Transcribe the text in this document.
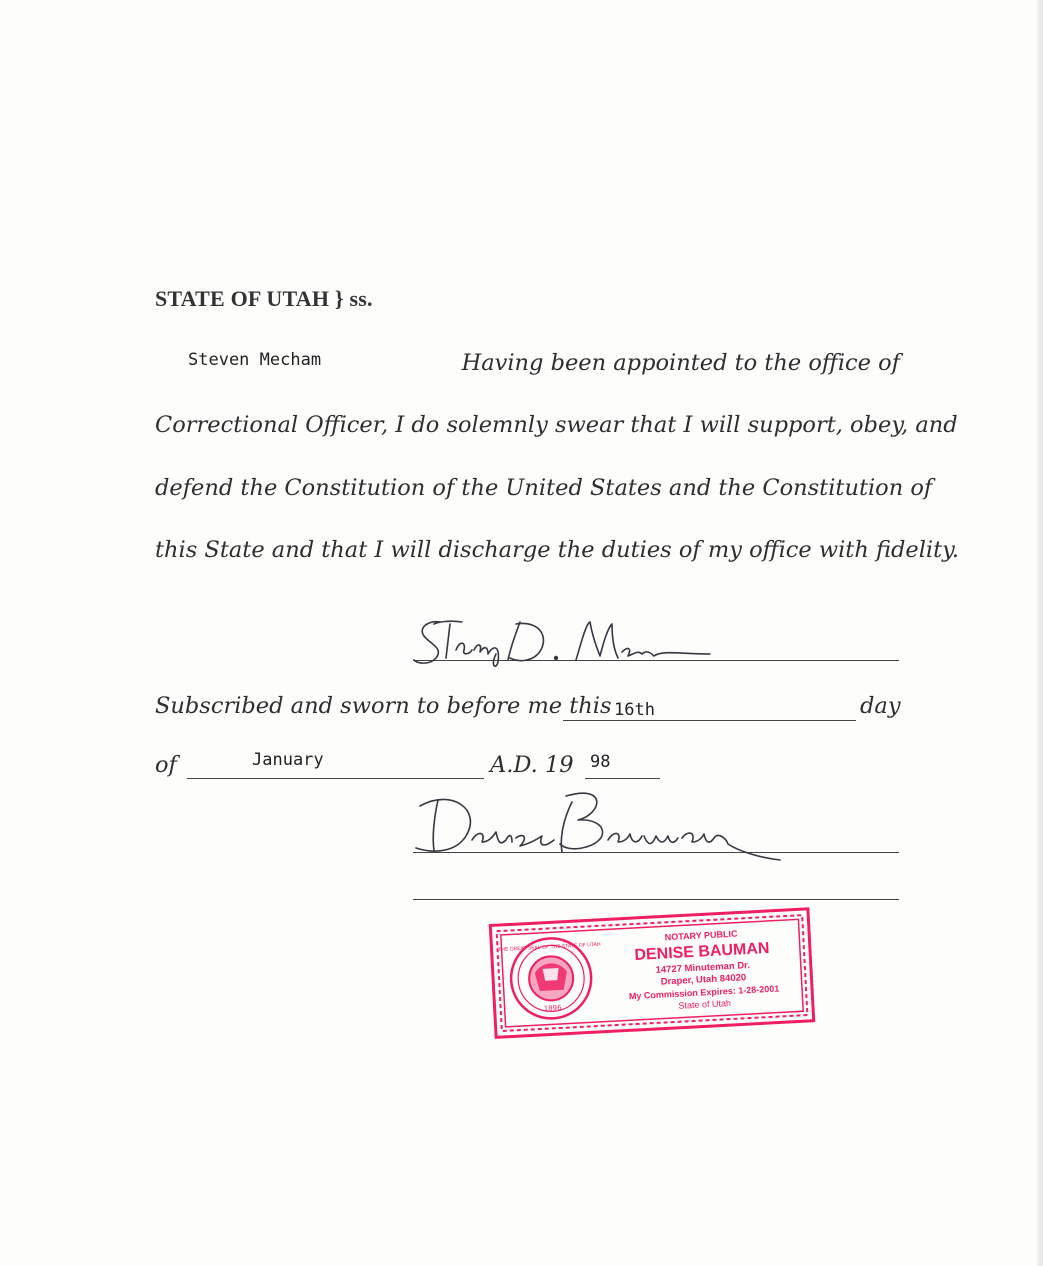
STATE OF UTAH } ss.
Steven Mecham	Having been appointed to the office of
Correctional Officer, I do solemnly swear that I will support, obey, and
defend the Constitution of the United States and the Constitution of
this State and that I will discharge the duties of my office with fidelity.
Subscribed and sworn to before me this 16th	day
of	January	A.D. 19 98
1896
THE GREAT SEAL OF THE STATE OF UTAH
NOTARY PUBLIC
DENISE BAUMAN
14727 Minuteman Dr.
Draper, Utah 84020
My Commission Expires: 1-28-2001
State of Utah
